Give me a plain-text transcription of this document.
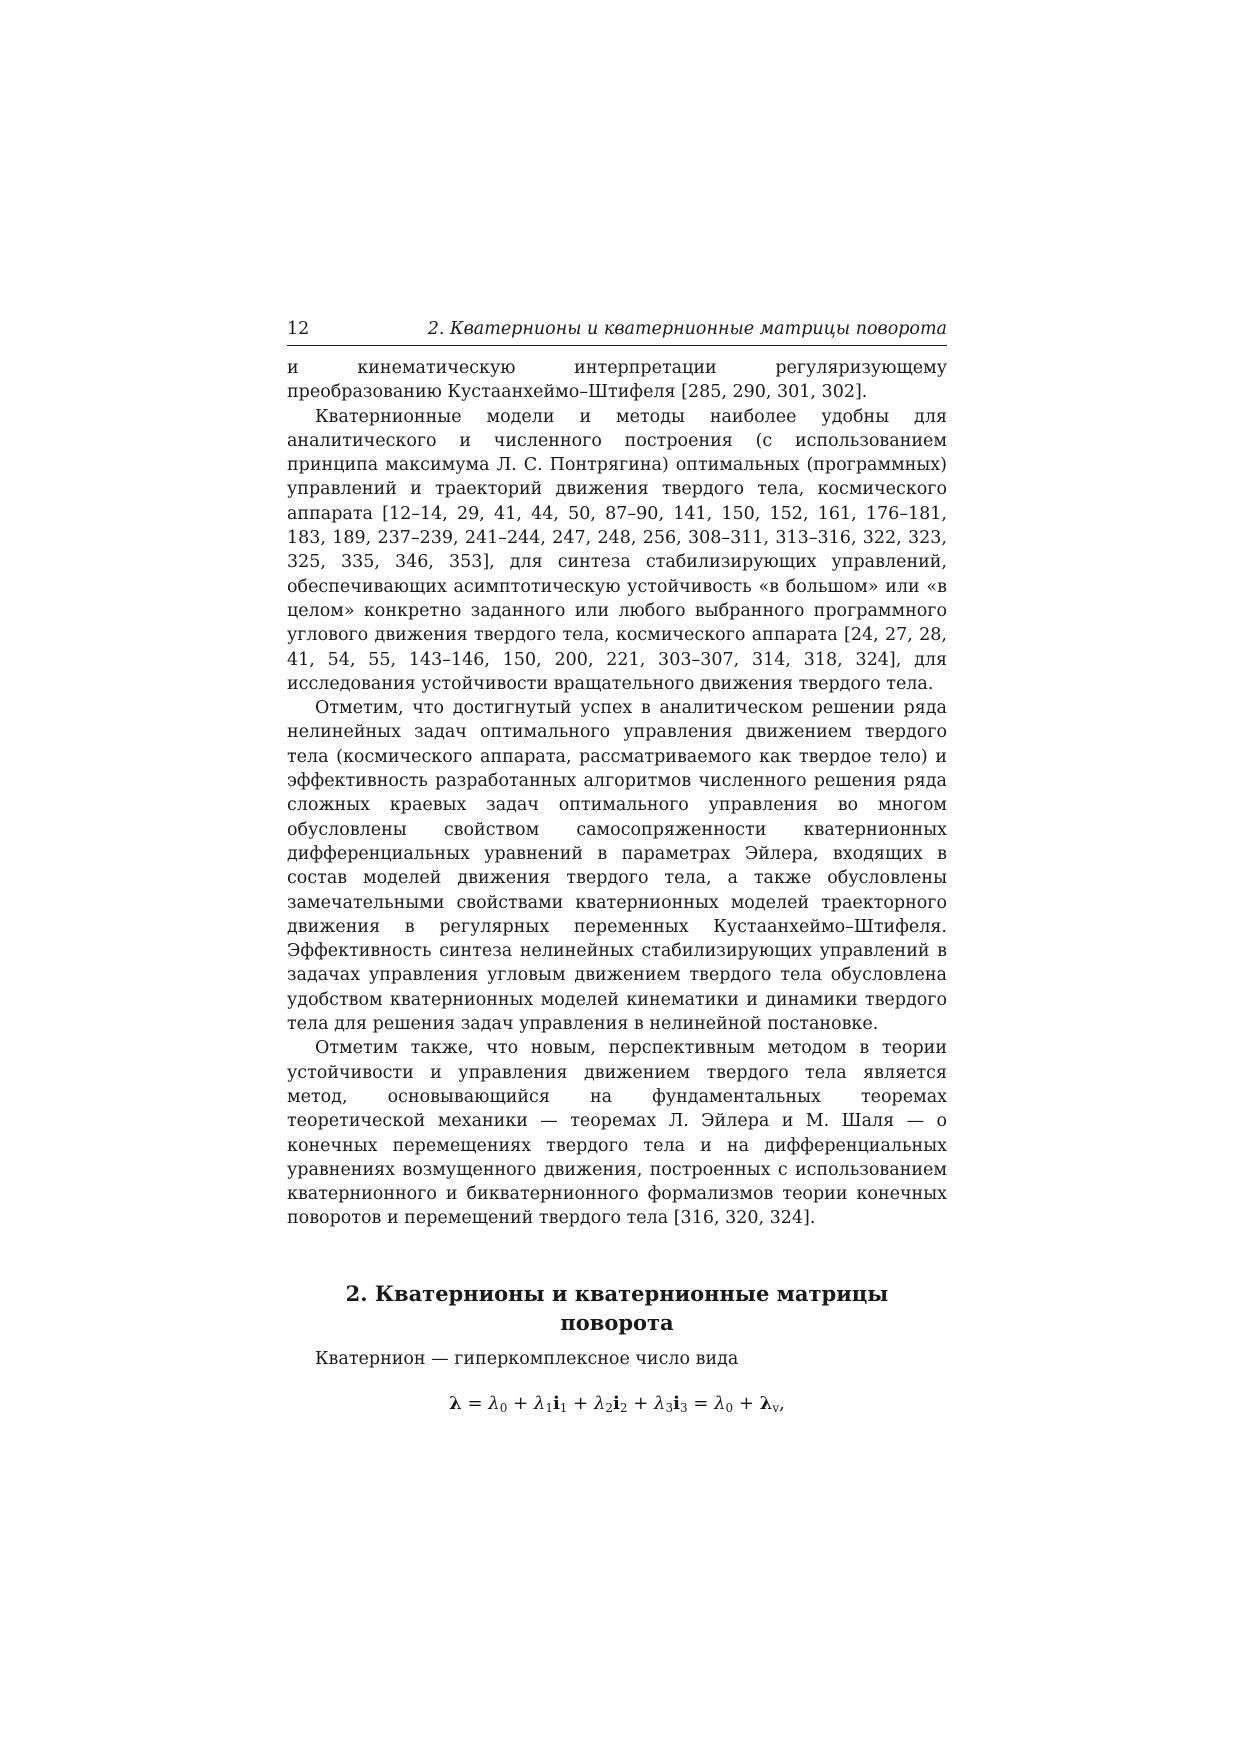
12	2. Кватернионы и кватернионные матрицы поворота

и кинематическую интерпретации регуляризующему преобразованию Кустаанхеймо–Штифеля [285, 290, 301, 302].

Кватернионные модели и методы наиболее удобны для аналитического и численного построения (с использованием принципа максимума Л. С. Понтрягина) оптимальных (программных) управлений и траекторий движения твердого тела, космического аппарата [12–14, 29, 41, 44, 50, 87–90, 141, 150, 152, 161, 176–181, 183, 189, 237–239, 241–244, 247, 248, 256, 308–311, 313–316, 322, 323, 325, 335, 346, 353], для синтеза стабилизирующих управлений, обеспечивающих асимптотическую устойчивость «в большом» или «в целом» конкретно заданного или любого выбранного программного углового движения твердого тела, космического аппарата [24, 27, 28, 41, 54, 55, 143–146, 150, 200, 221, 303–307, 314, 318, 324], для исследования устойчивости вращательного движения твердого тела.

Отметим, что достигнутый успех в аналитическом решении ряда нелинейных задач оптимального управления движением твердого тела (космического аппарата, рассматриваемого как твердое тело) и эффективность разработанных алгоритмов численного решения ряда сложных краевых задач оптимального управления во многом обусловлены свойством самосопряженности кватернионных дифференциальных уравнений в параметрах Эйлера, входящих в состав моделей движения твердого тела, а также обусловлены замечательными свойствами кватернионных моделей траекторного движения в регулярных переменных Кустаанхеймо–Штифеля. Эффективность синтеза нелинейных стабилизирующих управлений в задачах управления угловым движением твердого тела обусловлена удобством кватернионных моделей кинематики и динамики твердого тела для решения задач управления в нелинейной постановке.

Отметим также, что новым, перспективным методом в теории устойчивости и управления движением твердого тела является метод, основывающийся на фундаментальных теоремах теоретической механики — теоремах Л. Эйлера и М. Шаля — о конечных перемещениях твердого тела и на дифференциальных уравнениях возмущенного движения, построенных с использованием кватернионного и бикватернионного формализмов теории конечных поворотов и перемещений твердого тела [316, 320, 324].

2. Кватернионы и кватернионные матрицы
поворота
Кватернион — гиперкомплексное число вида
$\lambda = \lambda_0 + \lambda_1i_1 + \lambda_2i_2 + \lambda_3i_3 = \lambda_0 + \lambda_v$,
